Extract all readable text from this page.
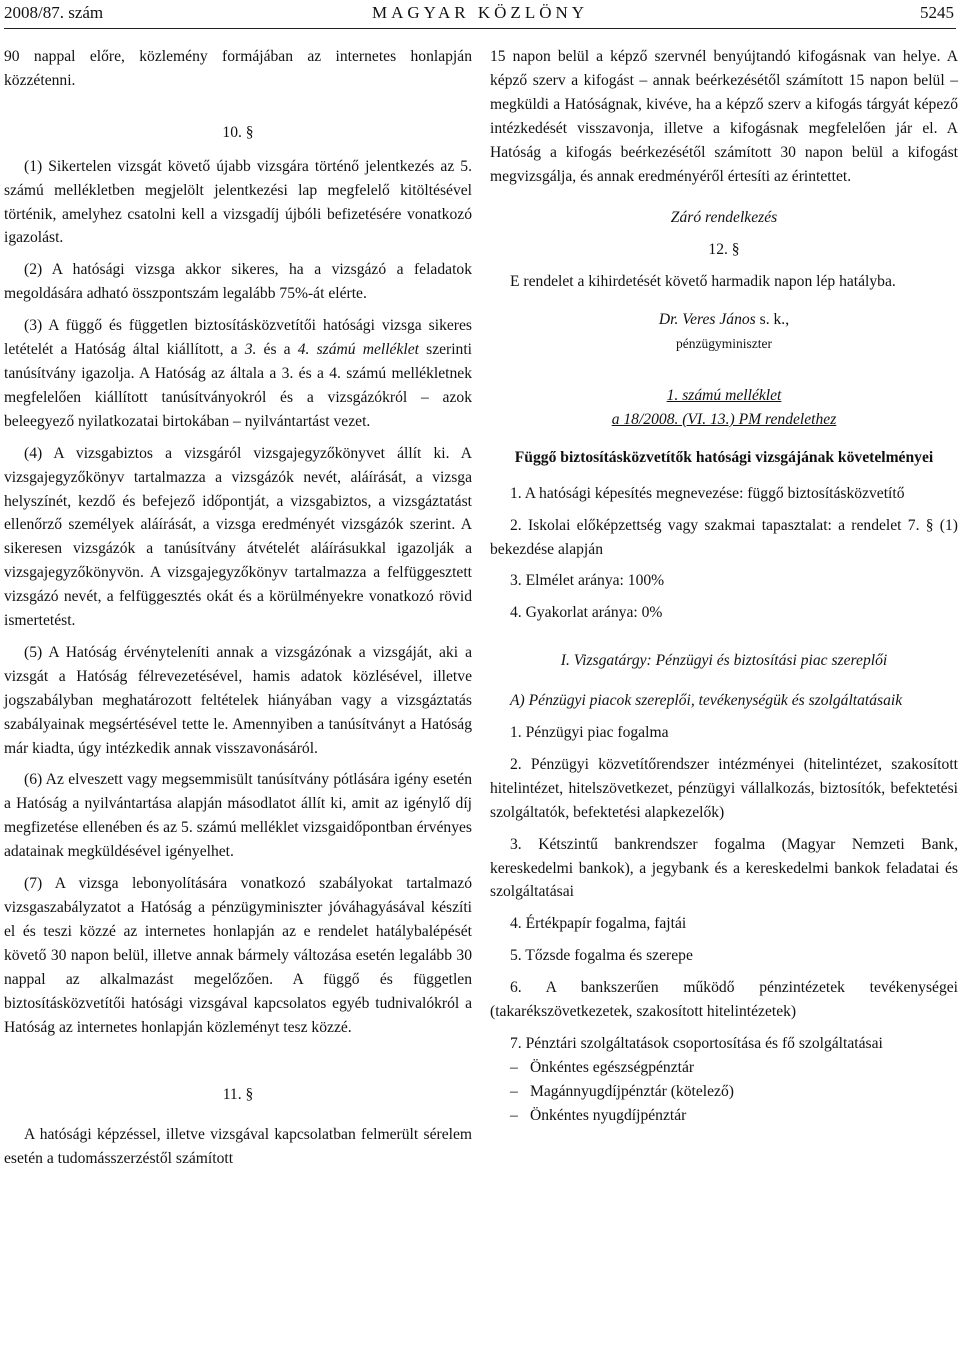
2008/87. szám	MAGYAR KÖZLÖNY	5245

90 nappal előre, közlemény formájában az internetes honlapján közzétenni.

10. §

(1) Sikertelen vizsgát követő újabb vizsgára történő jelentkezés az 5. számú mellékletben megjelölt jelentkezési lap megfelelő kitöltésével történik, amelyhez csatolni kell a vizsgadíj újbóli befizetésére vonatkozó igazolást.

(2) A hatósági vizsga akkor sikeres, ha a vizsgázó a feladatok megoldására adható összpontszám legalább 75%-át elérte.

(3) A függő és független biztosításközvetítői hatósági vizsga sikeres letételét a Hatóság által kiállított, a 3. és a 4. számú melléklet szerinti tanúsítvány igazolja. A Hatóság az általa a 3. és a 4. számú mellékletnek megfelelően kiállított tanúsítványokról és a vizsgázókról – azok beleegyező nyilatkozatai birtokában – nyilvántartást vezet.

(4) A vizsgabiztos a vizsgáról vizsgajegyzőkönyvet állít ki. A vizsgajegyzőkönyv tartalmazza a vizsgázók nevét, aláírását, a vizsga helyszínét, kezdő és befejező időpontját, a vizsgabiztos, a vizsgáztatást ellenőrző személyek aláírását, a vizsga eredményét vizsgázók szerint. A sikeresen vizsgázók a tanúsítvány átvételét aláírásukkal igazolják a vizsgajegyzőkönyvön. A vizsgajegyzőkönyv tartalmazza a felfüggesztett vizsgázó nevét, a felfüggesztés okát és a körülményekre vonatkozó rövid ismertetést.

(5) A Hatóság érvényteleníti annak a vizsgázónak a vizsgáját, aki a vizsgát a Hatóság félrevezetésével, hamis adatok közlésével, illetve jogszabályban meghatározott feltételek hiányában vagy a vizsgáztatás szabályainak megsértésével tette le. Amennyiben a tanúsítványt a Hatóság már kiadta, úgy intézkedik annak visszavonásáról.

(6) Az elveszett vagy megsemmisült tanúsítvány pótlására igény esetén a Hatóság a nyilvántartása alapján másodlatot állít ki, amit az igénylő díj megfizetése ellenében és az 5. számú melléklet vizsgaidőpontban érvényes adatainak megküldésével igényelhet.

(7) A vizsga lebonyolítására vonatkozó szabályokat tartalmazó vizsgaszabályzatot a Hatóság a pénzügyminiszter jóváhagyásával készíti el és teszi közzé az internetes honlapján az e rendelet hatálybalépését követő 30 napon belül, illetve annak bármely változása esetén legalább 30 nappal az alkalmazást megelőzően. A függő és független biztosításközvetítői hatósági vizsgával kapcsolatos egyéb tudnivalókról a Hatóság az internetes honlapján közleményt tesz közzé.

11. §

A hatósági képzéssel, illetve vizsgával kapcsolatban felmerült sérelem esetén a tudomásszerzéstől számított

15 napon belül a képző szervnél benyújtandó kifogásnak van helye. A képző szerv a kifogást – annak beérkezésétől számított 15 napon belül – megküldi a Hatóságnak, kivéve, ha a képző szerv a kifogás tárgyát képező intézkedését visszavonja, illetve a kifogásnak megfelelően jár el. A Hatóság a kifogás beérkezésétől számított 30 napon belül a kifogást megvizsgálja, és annak eredményéről értesíti az érintettet.

Záró rendelkezés

12. §

E rendelet a kihirdetését követő harmadik napon lép hatályba.

Dr. Veres János s. k.,

pénzügyminiszter

1. számú melléklet

a 18/2008. (VI. 13.) PM rendelethez

Függő biztosításközvetítők hatósági vizsgájának követelményei

1. A hatósági képesítés megnevezése: függő biztosításközvetítő

2. Iskolai előképzettség vagy szakmai tapasztalat: a rendelet 7. § (1) bekezdése alapján

3. Elmélet aránya: 100%

4. Gyakorlat aránya: 0%

I. Vizsgatárgy: Pénzügyi és biztosítási piac szereplői

A) Pénzügyi piacok szereplői, tevékenységük és szolgáltatásaik

1. Pénzügyi piac fogalma

2. Pénzügyi közvetítőrendszer intézményei (hitelintézet, szakosított hitelintézet, hitelszövetkezet, pénzügyi vállalkozás, biztosítók, befektetési szolgáltatók, befektetési alapkezelők)

3. Kétszintű bankrendszer fogalma (Magyar Nemzeti Bank, kereskedelmi bankok), a jegybank és a kereskedelmi bankok feladatai és szolgáltatásai

4. Értékpapír fogalma, fajtái

5. Tőzsde fogalma és szerepe

6. A bankszerűen működő pénzintézetek tevékenységei (takarékszövetkezetek, szakosított hitelintézetek)

7. Pénztári szolgáltatások csoportosítása és fő szolgáltatásai

– Önkéntes egészségpénztár
– Magánnyugdíjpénztár (kötelező)
– Önkéntes nyugdíjpénztár
